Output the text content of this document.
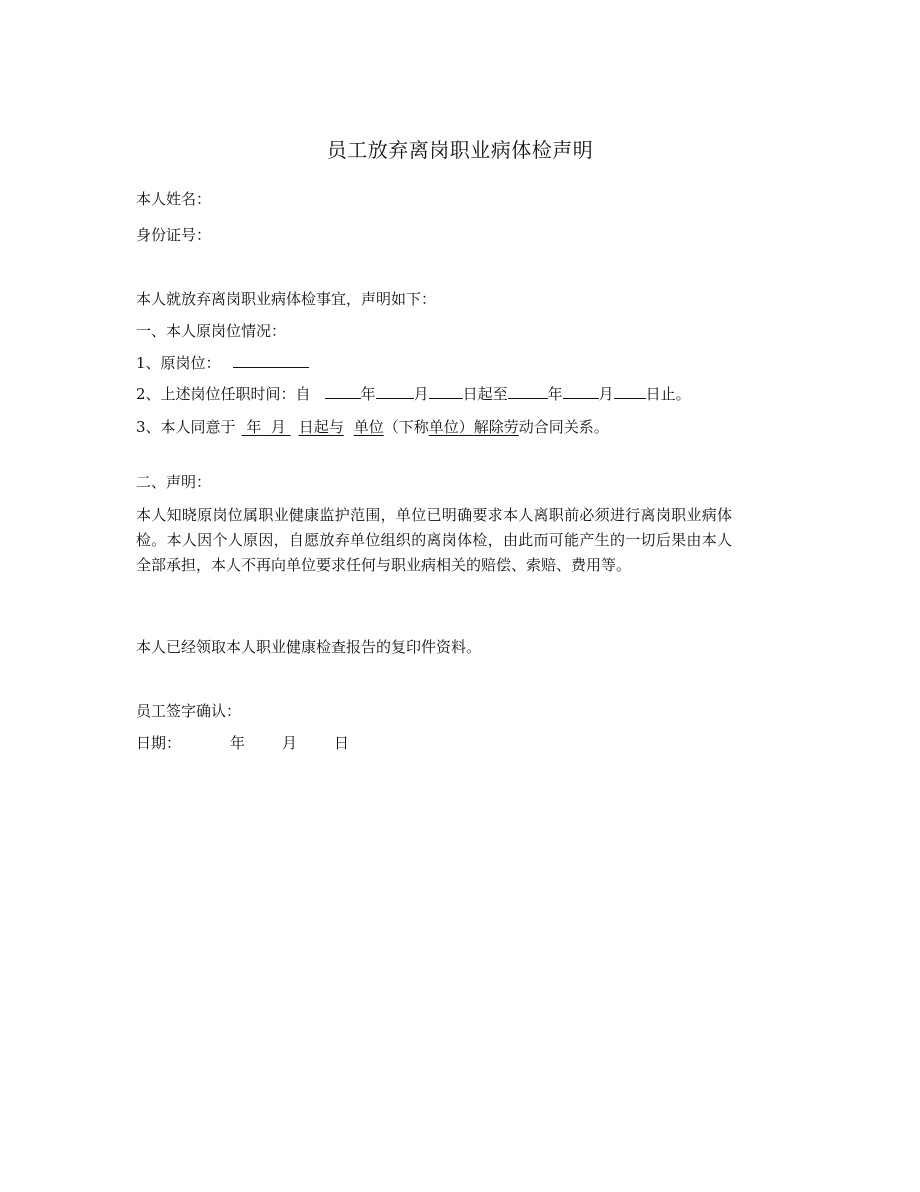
员工放弃离岗职业病体检声明
本人姓名：
身份证号：
本人就放弃离岗职业病体检事宜，声明如下：
一、本人原岗位情况：
1、原岗位：
2、上述岗位任职时间：自	年	月 日起至	年 月 日止。
3、本人同意于 年 月 日起与 单位（下称单位）解除劳动合同关系。
二、声明：
本人知晓原岗位属职业健康监护范围，单位已明确要求本人离职前必须进行离岗职业病体检。本人因个人原因，自愿放弃单位组织的离岗体检，由此而可能产生的一切后果由本人全部承担，本人不再向单位要求任何与职业病相关的赔偿、索赔、费用等。
本人已经领取本人职业健康检查报告的复印件资料。
员工签字确认：
日期：	年 月 日
